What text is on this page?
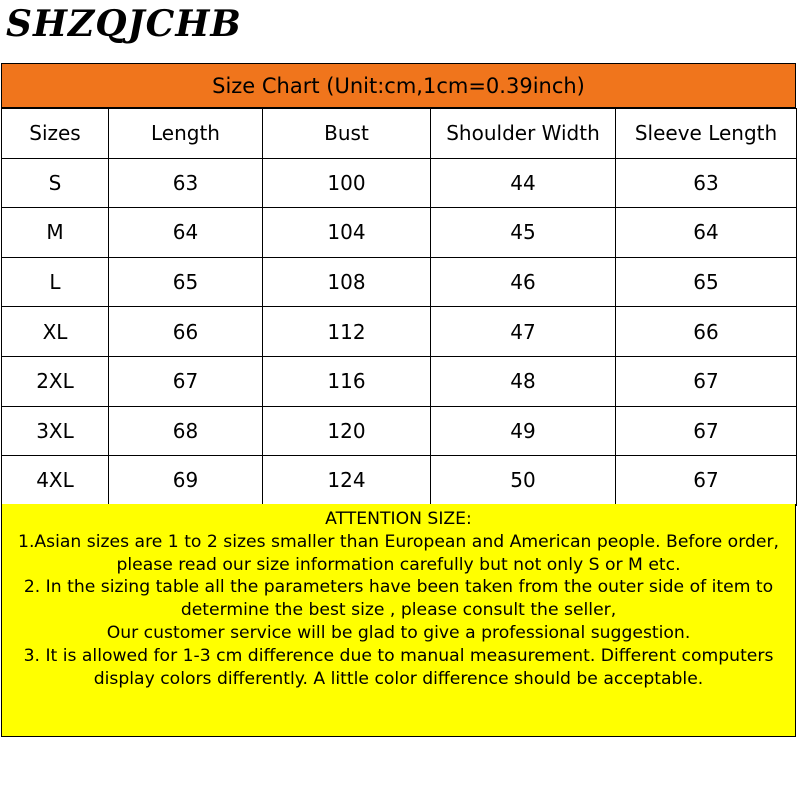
SHZQJCHB
Size Chart (Unit:cm,1cm=0.39inch)
Sizes	Length	Bust	Shoulder Width	Sleeve Length
S	63	100	44	63
M	64	104	45	64
L	65	108	46	65
XL	66	112	47	66
2XL	67	116	48	67
3XL	68	120	49	67
4XL	69	124	50	67
ATTENTION SIZE:
1.Asian sizes are 1 to 2 sizes smaller than European and American people. Before order,
please read our size information carefully but not only S or M etc.
2. In the sizing table all the parameters have been taken from the outer side of item to determine the best size , please consult the seller,
Our customer service will be glad to give a professional suggestion.
3. It is allowed for 1-3 cm difference due to manual measurement. Different computers display colors differently. A little color difference should be acceptable.
